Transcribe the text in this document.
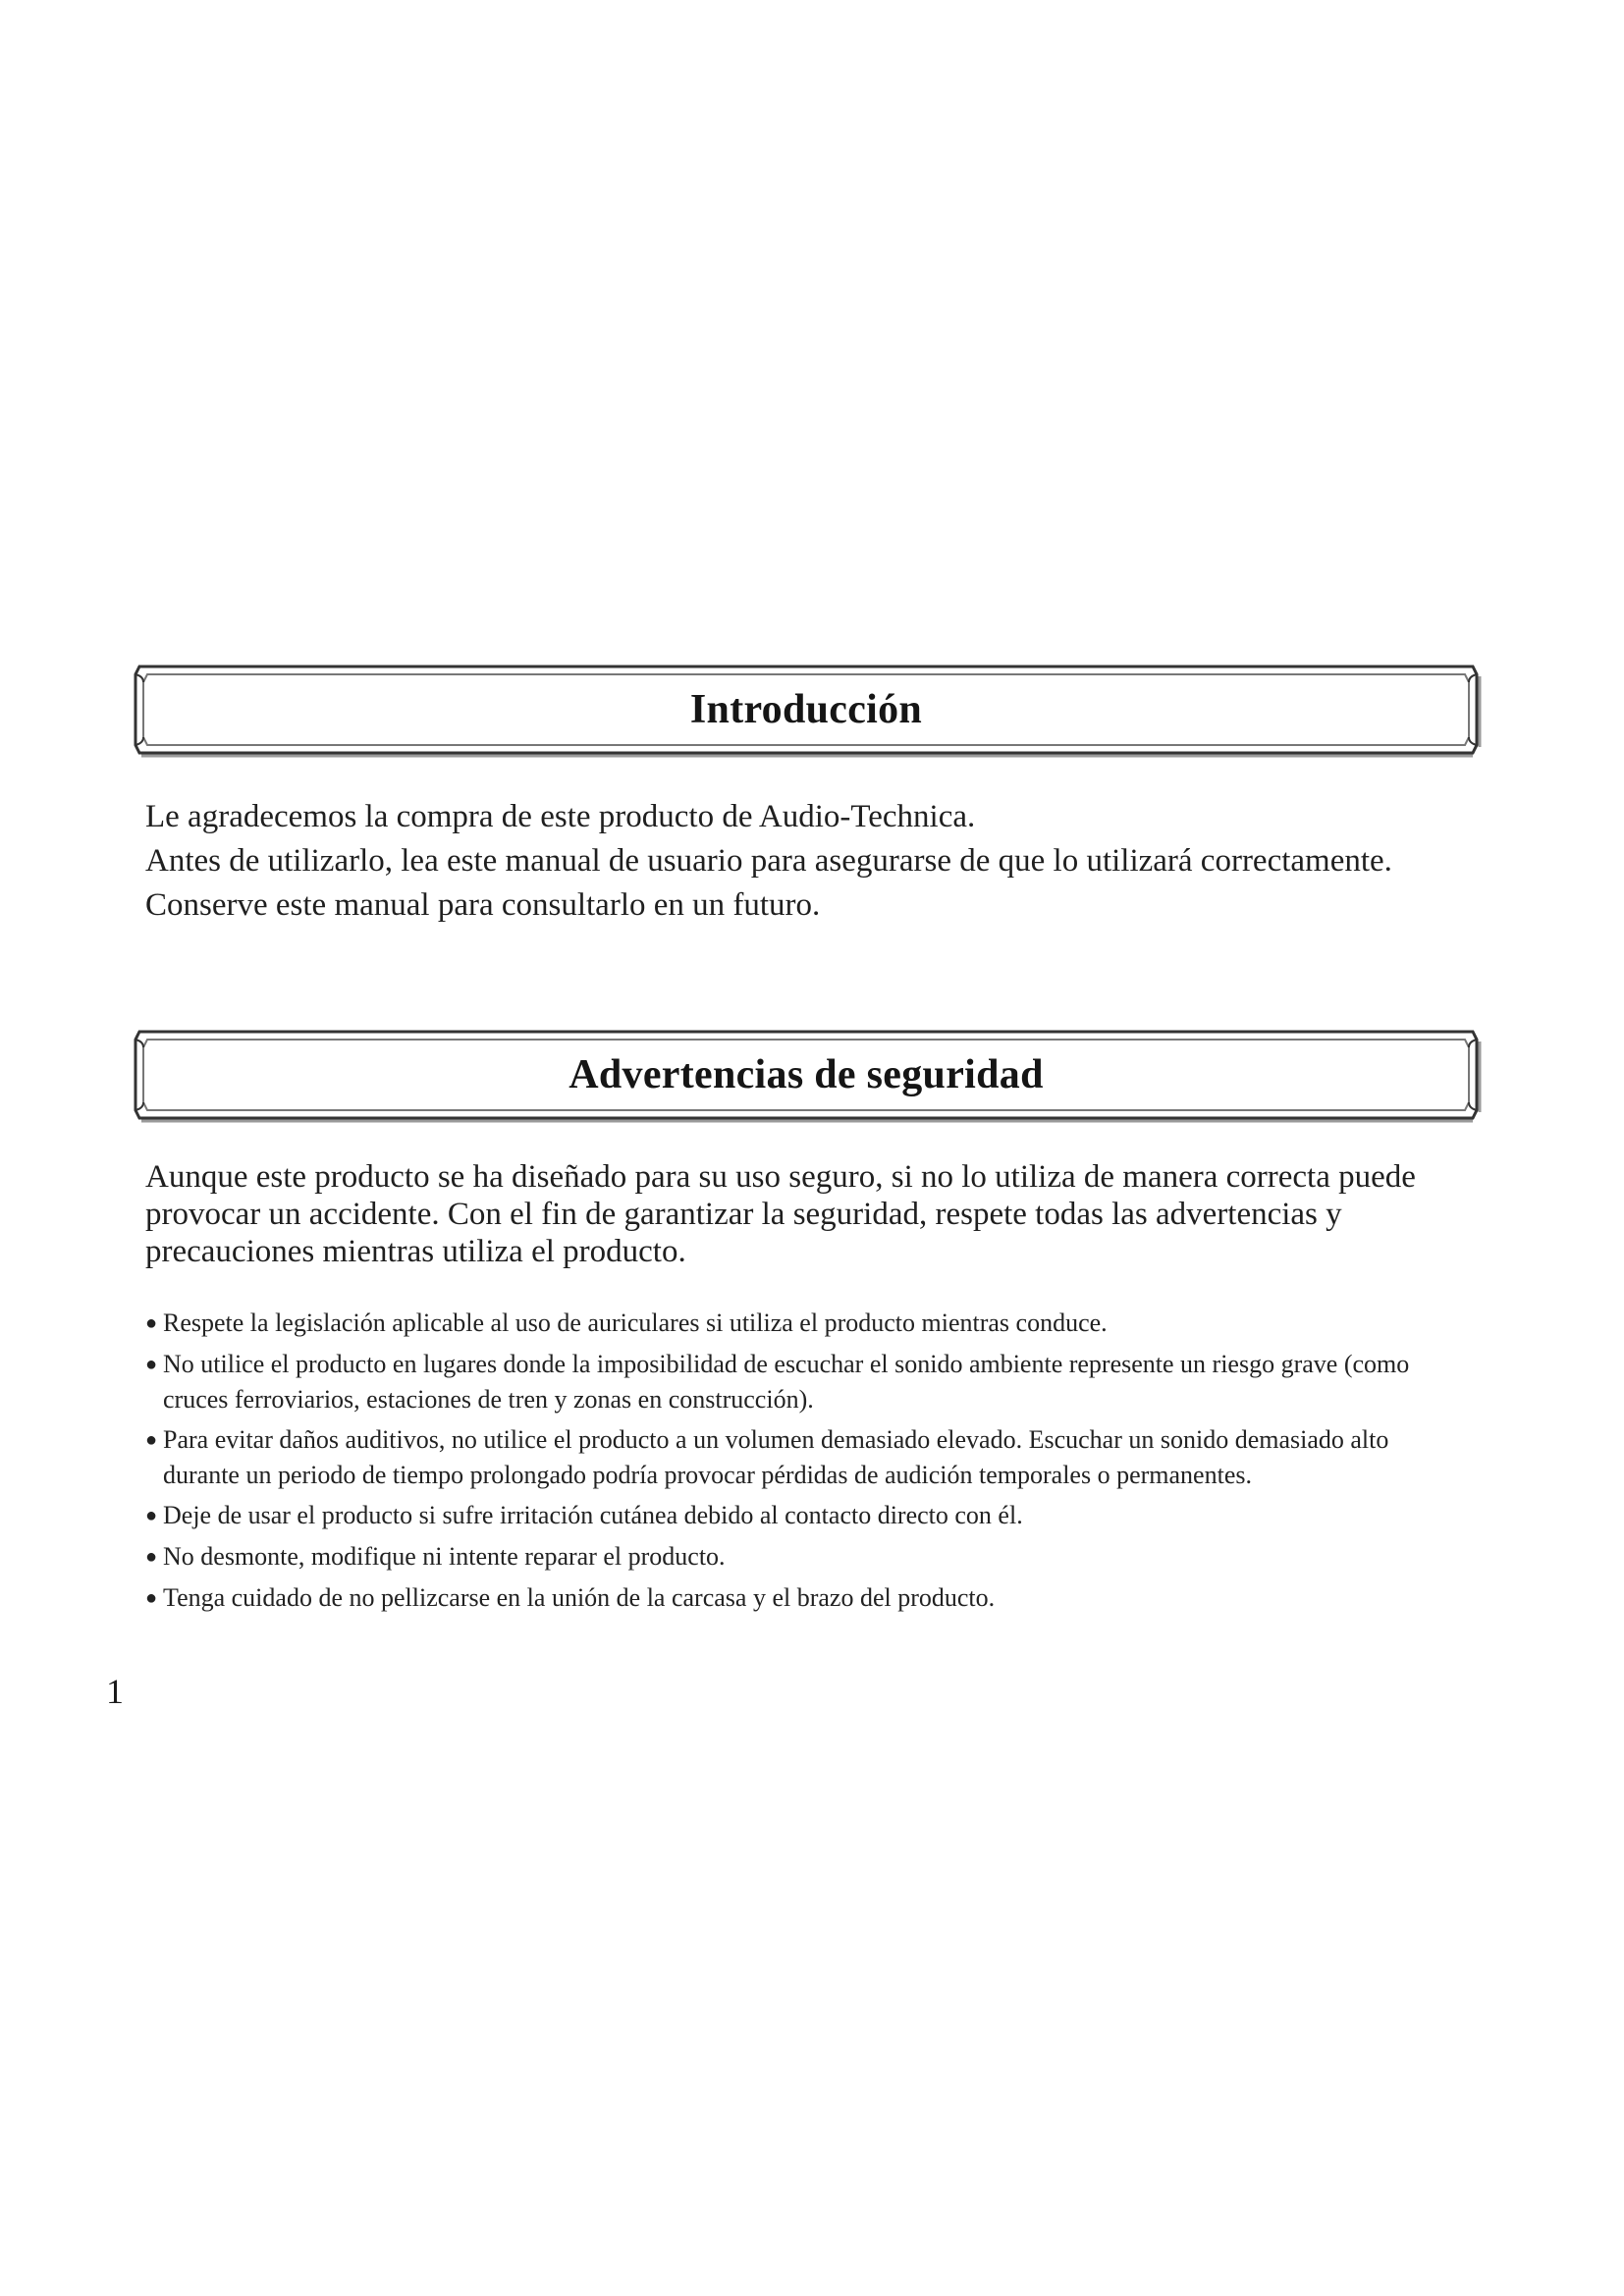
Introducción

Le agradecemos la compra de este producto de Audio-Technica.

Antes de utilizarlo, lea este manual de usuario para asegurarse de que lo utilizará correctamente.

Conserve este manual para consultarlo en un futuro.

Advertencias de seguridad
Aunque este producto se ha diseñado para su uso seguro, si no lo utiliza de manera correcta puede provocar un accidente. Con el fin de garantizar la seguridad, respete todas las advertencias y precauciones mientras utiliza el producto.
● Respete la legislación aplicable al uso de auriculares si utiliza el producto mientras conduce.
● No utilice el producto en lugares donde la imposibilidad de escuchar el sonido ambiente represente un riesgo grave (como cruces ferroviarios, estaciones de tren y zonas en construcción).
● Para evitar daños auditivos, no utilice el producto a un volumen demasiado elevado. Escuchar un sonido demasiado alto durante un periodo de tiempo prolongado podría provocar pérdidas de audición temporales o permanentes.
● Deje de usar el producto si sufre irritación cutánea debido al contacto directo con él.
● No desmonte, modifique ni intente reparar el producto.
● Tenga cuidado de no pellizcarse en la unión de la carcasa y el brazo del producto.
1
